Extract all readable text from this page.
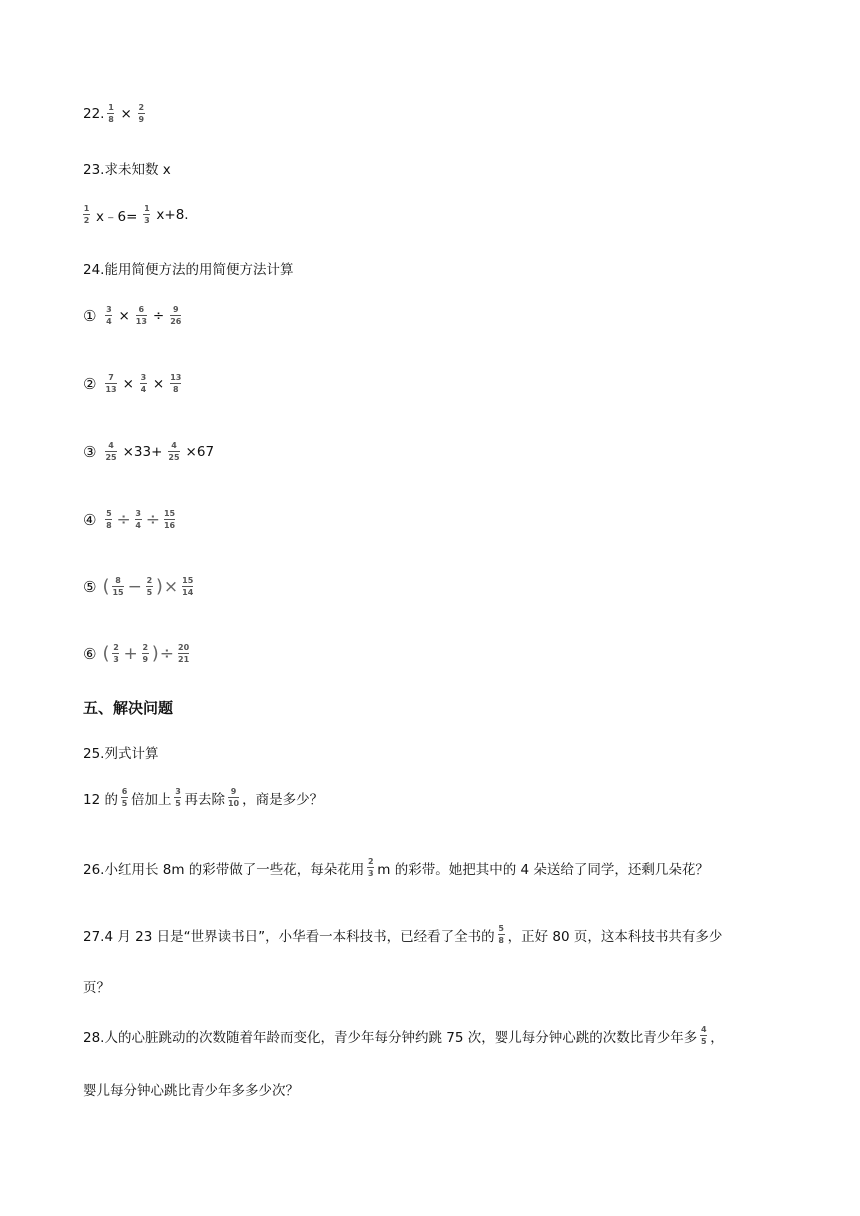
22. $\frac{1}{8} \times \frac{2}{9}$
23.求未知数 x
$\frac{1}{2}$ x﹣6= $\frac{1}{3} x+8$.
24.能用简便方法的用简便方法计算
① $\frac{3}{4} \times \frac{6}{13} \div \frac{9}{26}$
② $\frac{7}{13} \times \frac{3}{4} \times \frac{13}{8}$
③ $\frac{4}{25} \times 33+ \frac{4}{25} \times 67$
④ $\frac{5}{8} \div \frac{3}{4} \div \frac{15}{16}$
⑤ ( $\frac{8}{15} - \frac{2}{5}$ ) × $\frac{15}{14}$
⑥ ( $\frac{2}{3} + \frac{2}{9}$ ) ÷ $\frac{20}{21}$
五、解决问题
25.列式计算
12 的 $\frac{6}{5}$ 倍加上 $\frac{3}{5}$ 再去除 $\frac{9}{10}$ ，商是多少？
26.小红用长 8m 的彩带做了一些花，每朵花用 $\frac{2}{3}$ m 的彩带。她把其中的 4 朵送给了同学，还剩几朵花？
27.4 月 23 日是“世界读书日”，小华看一本科技书，已经看了全书的 $\frac{5}{8}$ ，正好 80 页，这本科技书共有多少
页？
28.人的心脏跳动的次数随着年龄而变化，青少年每分钟约跳 75 次，婴儿每分钟心跳的次数比青少年多 $\frac{4}{5}$ ，
婴儿每分钟心跳比青少年多多少次？
